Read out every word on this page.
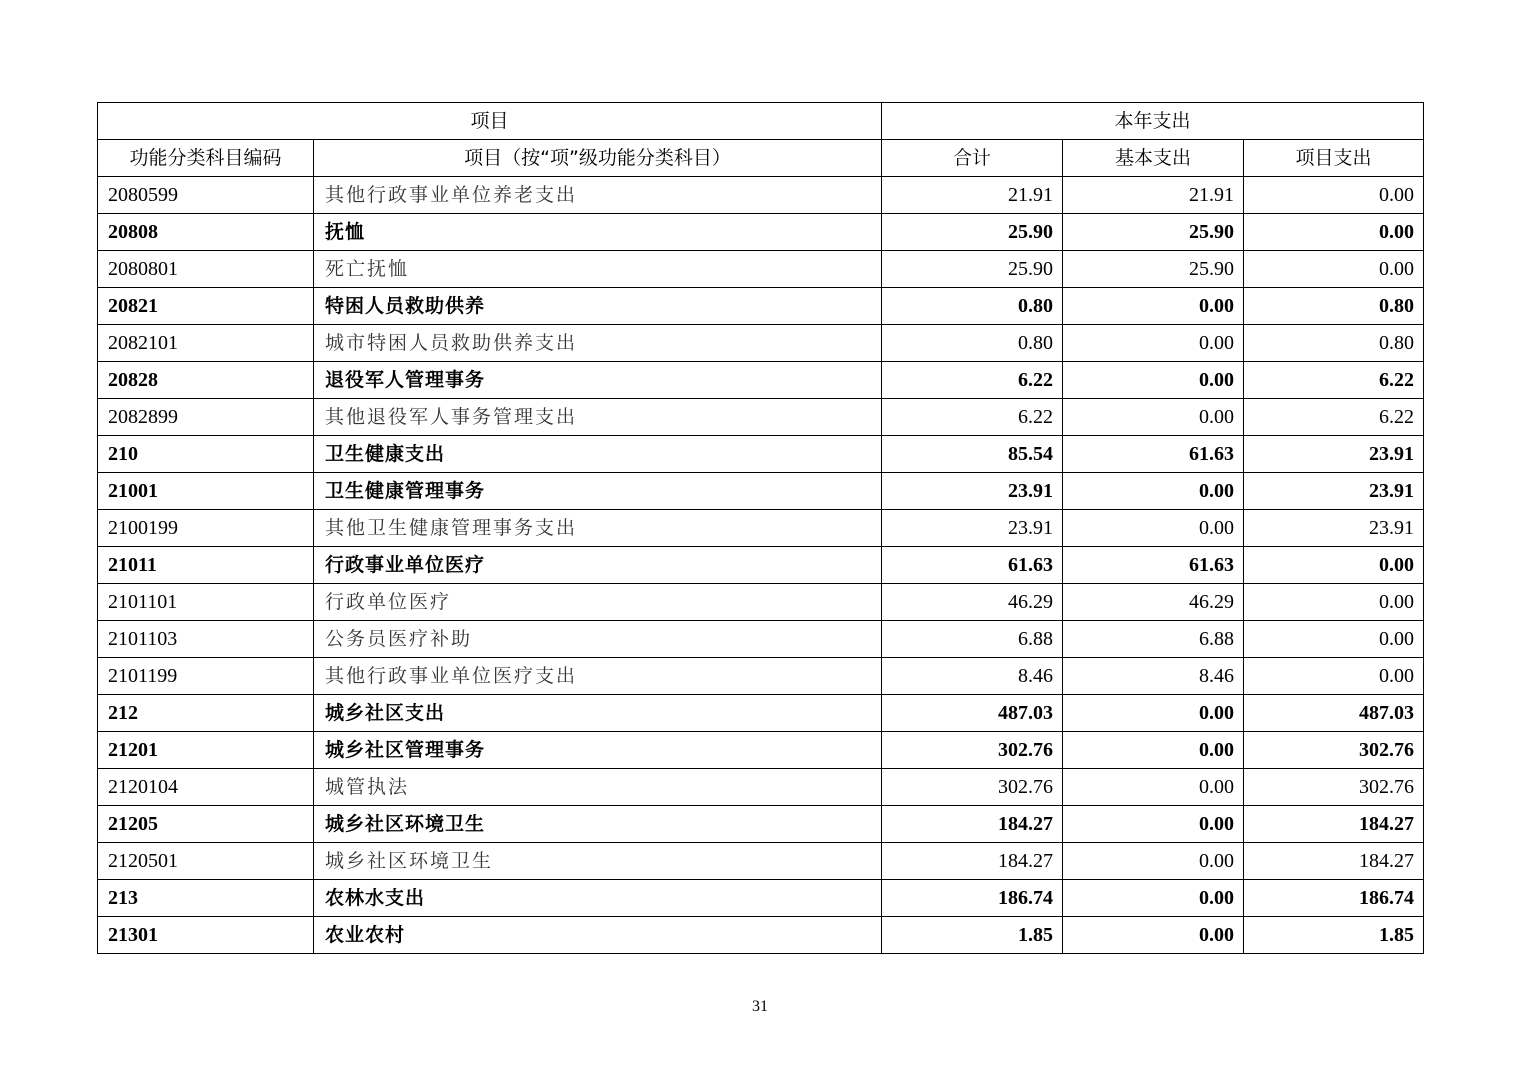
项目		本年支出		
功能分类科目编码	项目（按“项”级功能分类科目）	合计	基本支出	项目支出
2080599	其他行政事业单位养老支出	21.91	21.91	0.00
20808	抚恤	25.90	25.90	0.00
2080801	死亡抚恤	25.90	25.90	0.00
20821	特困人员救助供养	0.80	0.00	0.80
2082101	城市特困人员救助供养支出	0.80	0.00	0.80
20828	退役军人管理事务	6.22	0.00	6.22
2082899	其他退役军人事务管理支出	6.22	0.00	6.22
210	卫生健康支出	85.54	61.63	23.91
21001	卫生健康管理事务	23.91	0.00	23.91
2100199	其他卫生健康管理事务支出	23.91	0.00	23.91
21011	行政事业单位医疗	61.63	61.63	0.00
2101101	行政单位医疗	46.29	46.29	0.00
2101103	公务员医疗补助	6.88	6.88	0.00
2101199	其他行政事业单位医疗支出	8.46	8.46	0.00
212	城乡社区支出	487.03	0.00	487.03
21201	城乡社区管理事务	302.76	0.00	302.76
2120104	城管执法	302.76	0.00	302.76
21205	城乡社区环境卫生	184.27	0.00	184.27
2120501	城乡社区环境卫生	184.27	0.00	184.27
213	农林水支出	186.74	0.00	186.74
21301	农业农村	1.85	0.00	1.85
31
